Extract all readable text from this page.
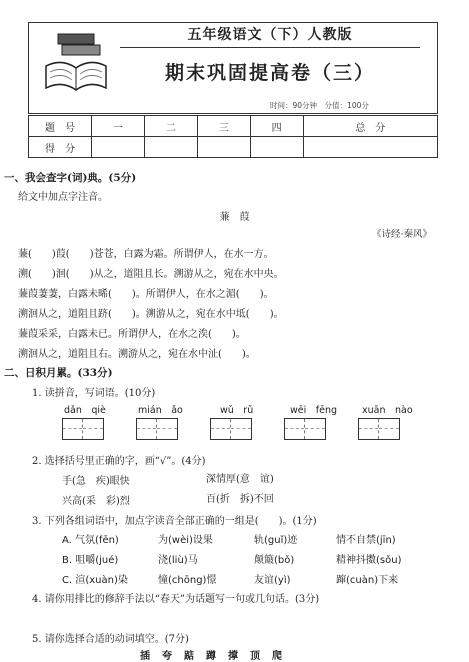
五年级语文（下）人教版
期末巩固提高卷（三）
时间：90分钟　分值：100分
题　号	一	二	三	四	总　分
得　分					
一、我会查字(词)典。(5分)
给文中加点字注音。
蒹　葭
《诗经·秦风》
蒹(　　)葭(　　)苍苍，白露为霜。所谓伊人，在水一方。
溯(　　)洄(　　)从之，道阻且长。溯游从之，宛在水中央。
蒹葭萋萋，白露未晞(　　)。所谓伊人，在水之湄(　　)。
溯洄从之，道阻且跻(　　)。溯游从之，宛在水中坻(　　)。
蒹葭采采，白露未已。所谓伊人，在水之涘(　　)。
溯洄从之，道阻且右。溯游从之，宛在水中沚(　　)。
二、日积月累。(33分)
1. 读拼音，写词语。(10分)
dǎn　qiè	mián　ǎo	wǔ　rǔ	wēi　fēng	xuān　nào
2. 选择括号里正确的字，画“√”。(4分)
手(急　疾)眼快	深情厚(意　谊)
兴高(采　彩)烈	百(折　拆)不回
3. 下列各组词语中，加点字读音全部正确的一组是(　　)。(1分)
A. 气氛(fēn)	为(wèi)设果	轨(guǐ)迹	情不自禁(jīn)
B. 咀嚼(jué)	浇(liù)马	颠簸(bǒ)	精神抖擞(sǒu)
C. 渲(xuàn)染	憧(chōng)憬	友谊(yì)	蹿(cuàn)下来
4. 请你用排比的修辞手法以“春天”为话题写一句或几句话。(3分)
5. 请你选择合适的动词填空。(7分)
插　夸　踮　蹲　撑　顶　爬
